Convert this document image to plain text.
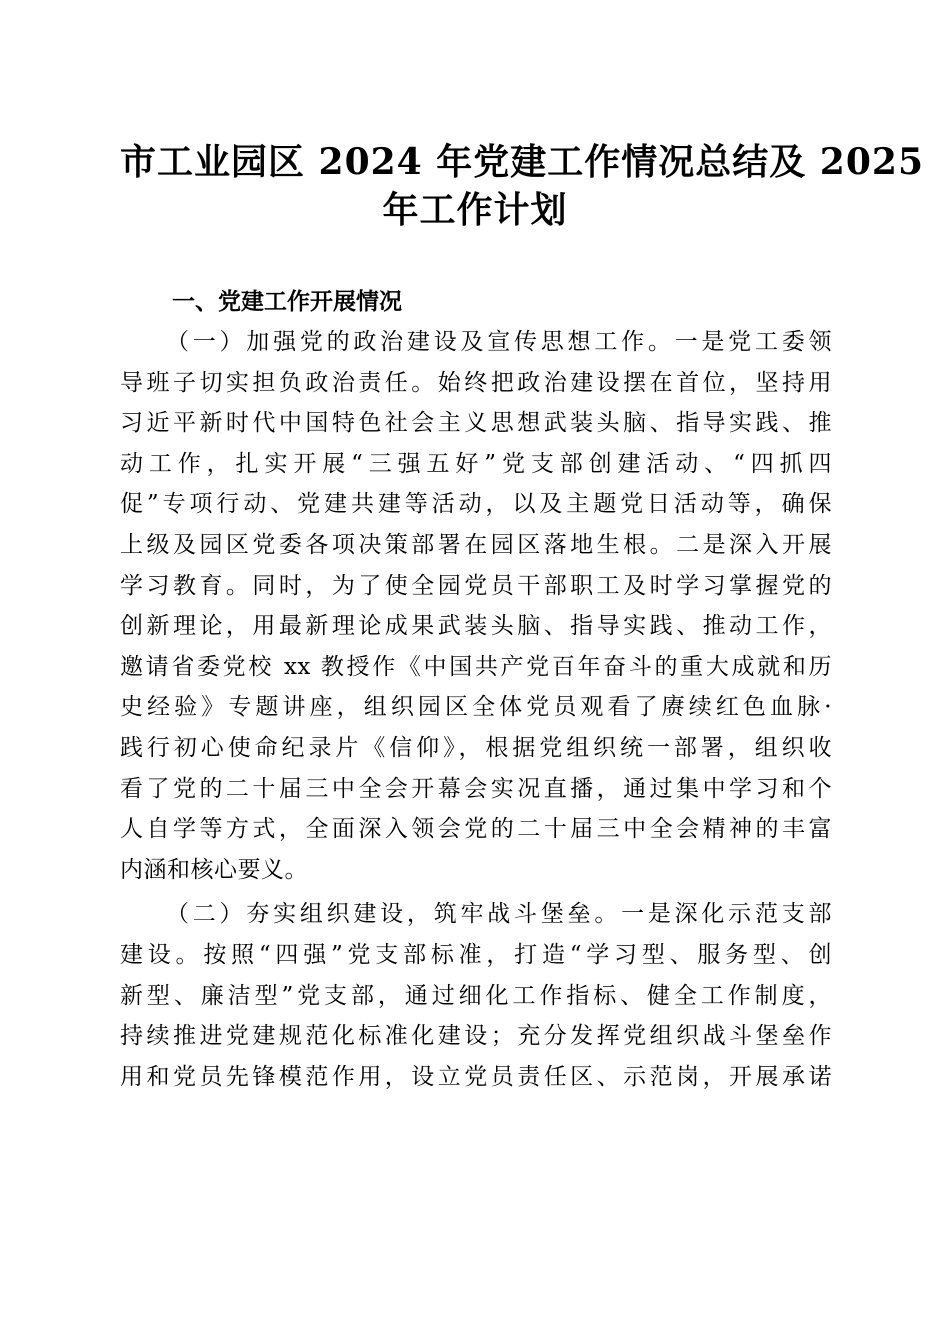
市工业园区 2024 年党建工作情况总结及 2025
年工作计划
一、党建工作开展情况

（一）加强党的政治建设及宣传思想工作。一是党工委领
导班子切实担负政治责任。始终把政治建设摆在首位，坚持用
习近平新时代中国特色社会主义思想武装头脑、指导实践、推
动工作，扎实开展“三强五好”党支部创建活动、“四抓四
促”专项行动、党建共建等活动，以及主题党日活动等，确保
上级及园区党委各项决策部署在园区落地生根。二是深入开展
学习教育。同时，为了使全园党员干部职工及时学习掌握党的
创新理论，用最新理论成果武装头脑、指导实践、推动工作，
邀请省委党校 xx 教授作《中国共产党百年奋斗的重大成就和历
史经验》专题讲座，组织园区全体党员观看了赓续红色血脉·
践行初心使命纪录片《信仰》，根据党组织统一部署，组织收
看了党的二十届三中全会开幕会实况直播，通过集中学习和个
人自学等方式，全面深入领会党的二十届三中全会精神的丰富
内涵和核心要义。

（二）夯实组织建设，筑牢战斗堡垒。一是深化示范支部
建设。按照“四强”党支部标准，打造“学习型、服务型、创
新型、廉洁型”党支部，通过细化工作指标、健全工作制度，
持续推进党建规范化标准化建设；充分发挥党组织战斗堡垒作
用和党员先锋模范作用，设立党员责任区、示范岗，开展承诺
